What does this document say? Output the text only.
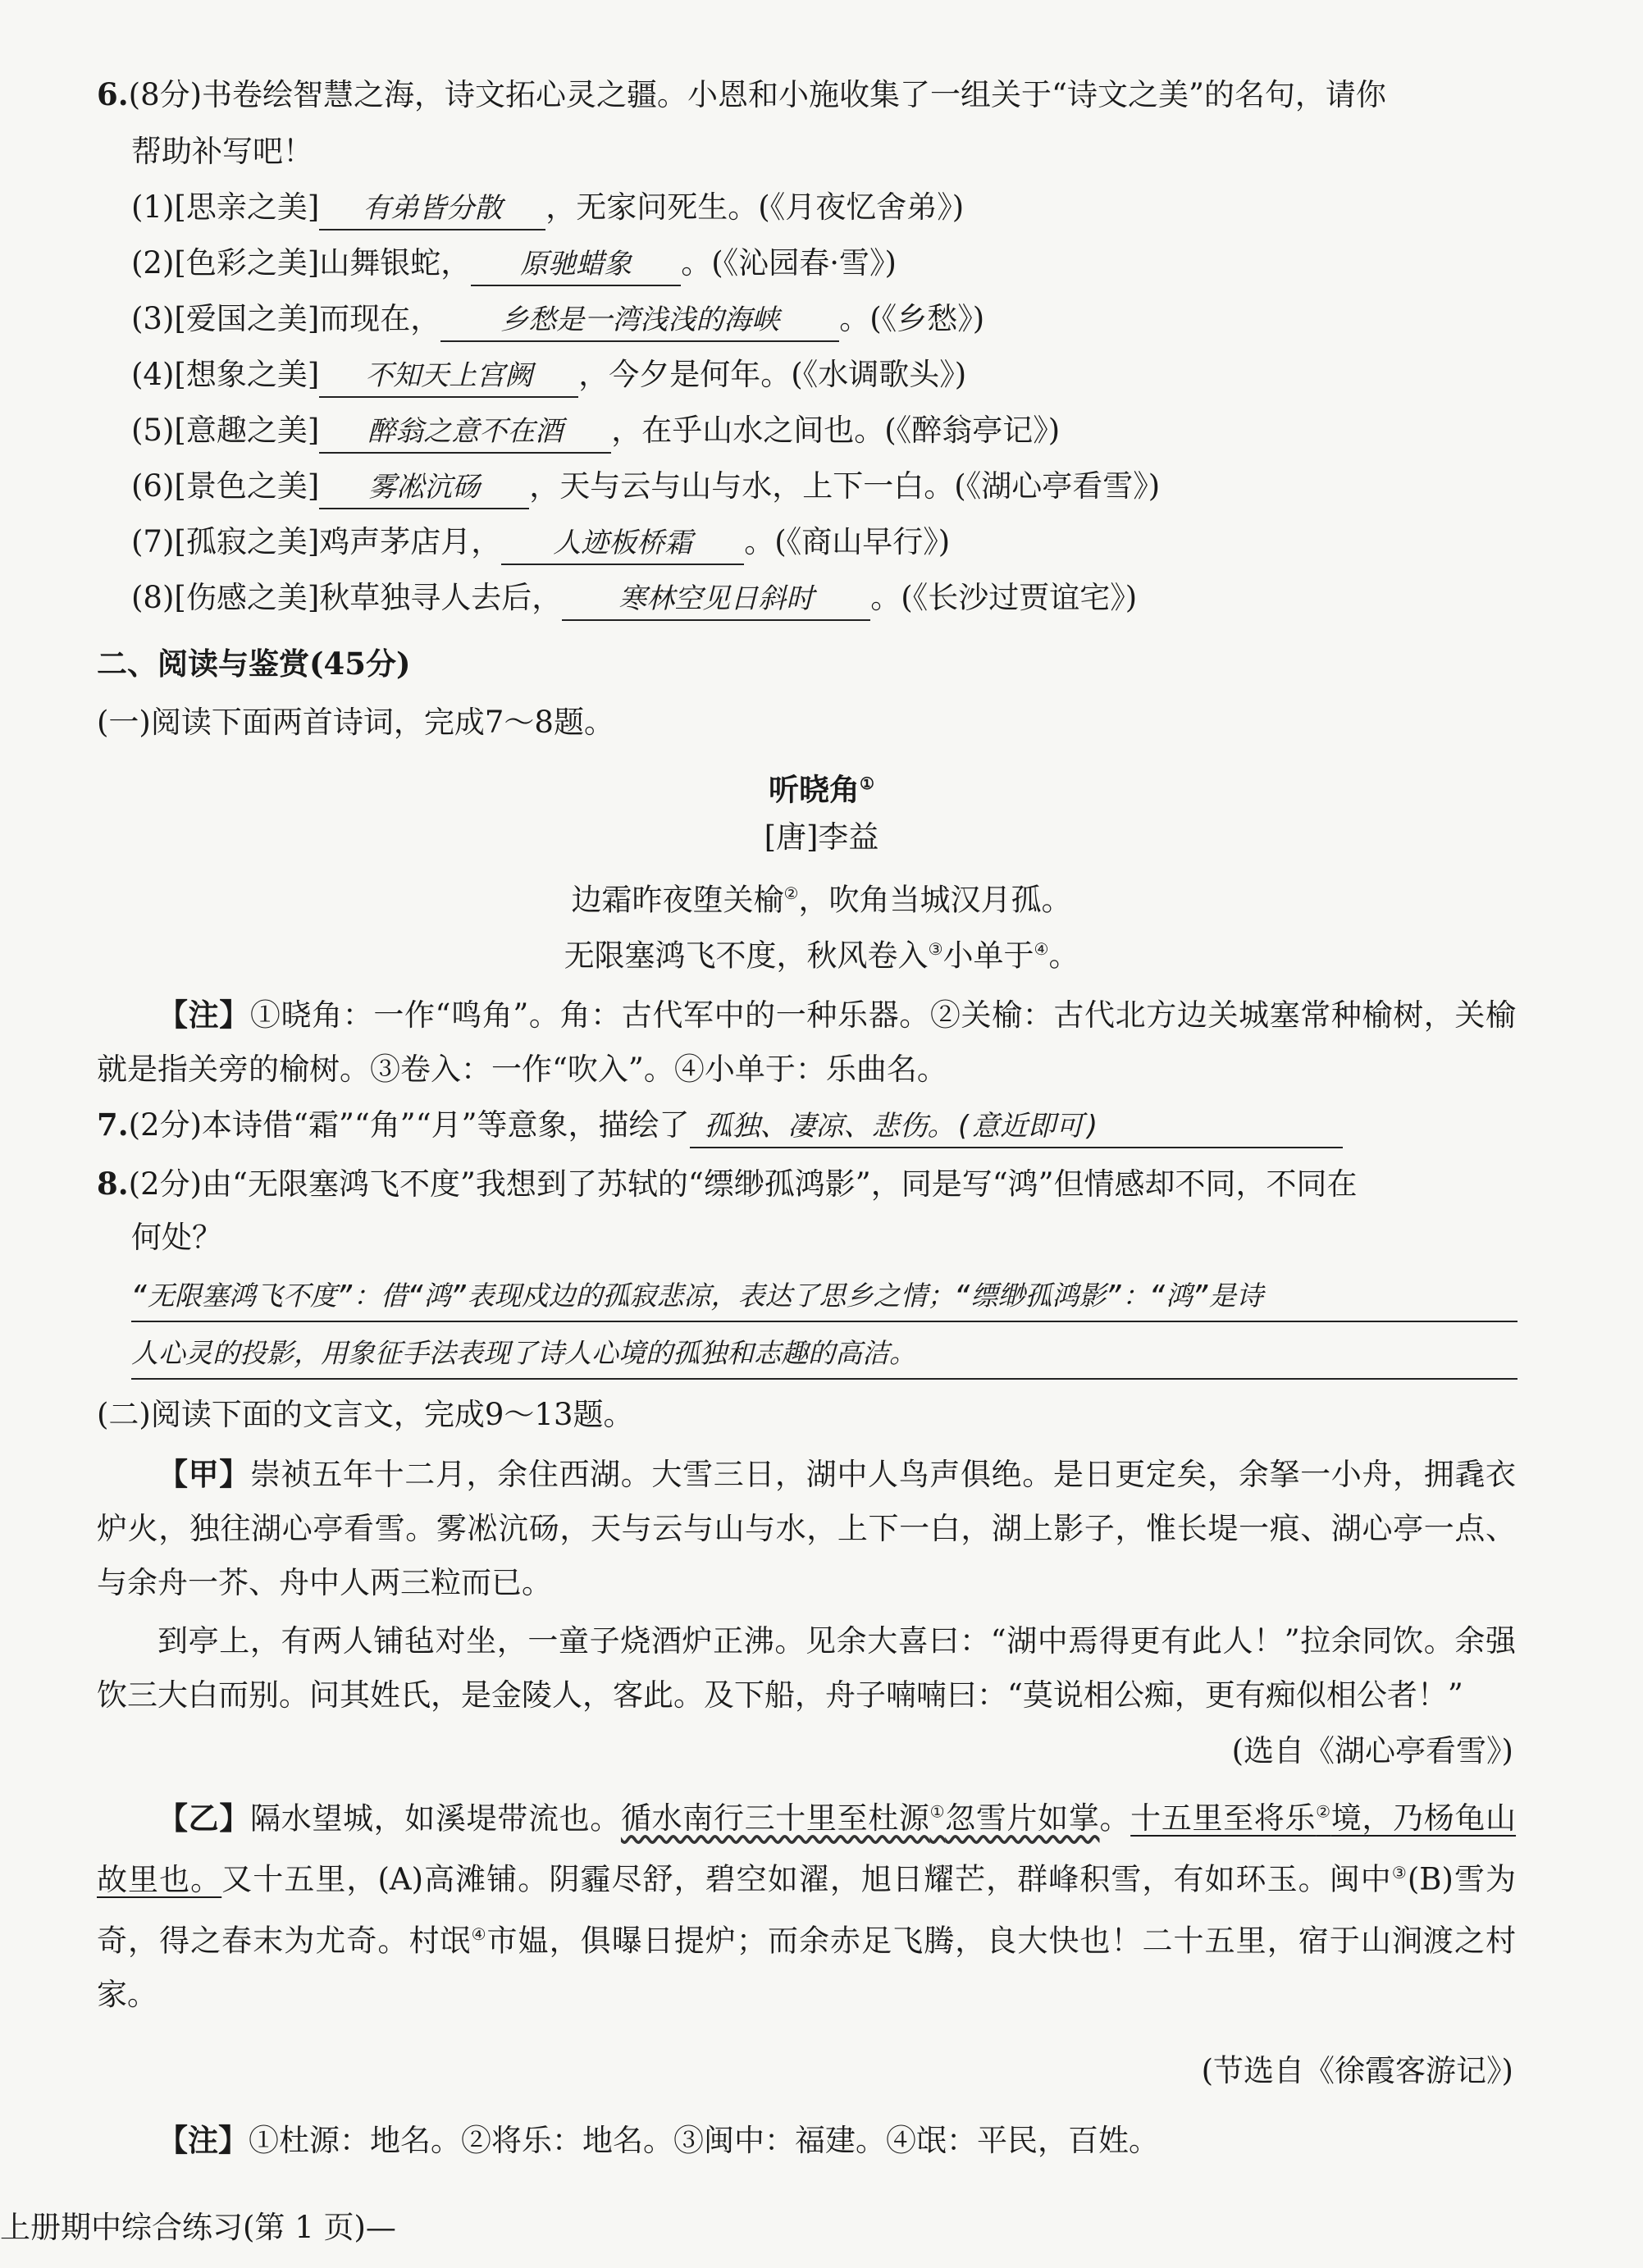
6.(8分)书卷绘智慧之海，诗文拓心灵之疆。小恩和小施收集了一组关于“诗文之美”的名句，请你
帮助补写吧！
(1)[思亲之美] 有弟皆分散 ，无家问死生。(《月夜忆舍弟》)
(2)[色彩之美]山舞银蛇， 原驰蜡象 。(《沁园春·雪》)
(3)[爱国之美]而现在， 乡愁是一湾浅浅的海峡 。(《乡愁》)
(4)[想象之美] 不知天上宫阙 ，今夕是何年。(《水调歌头》)
(5)[意趣之美] 醉翁之意不在酒 ，在乎山水之间也。(《醉翁亭记》)
(6)[景色之美] 雾凇沆砀 ，天与云与山与水，上下一白。(《湖心亭看雪》)
(7)[孤寂之美]鸡声茅店月， 人迹板桥霜 。(《商山早行》)
(8)[伤感之美]秋草独寻人去后， 寒林空见日斜时 。(《长沙过贾谊宅》)
二、阅读与鉴赏(45分)
(一)阅读下面两首诗词，完成7～8题。
听晓角①
[唐]李益
边霜昨夜堕关榆②，吹角当城汉月孤。
无限塞鸿飞不度，秋风卷入③小单于④。
【注】①晓角：一作“鸣角”。角：古代军中的一种乐器。②关榆：古代北方边关城塞常种榆树，关榆就是指关旁的榆树。③卷入：一作“吹入”。④小单于：乐曲名。
7.(2分)本诗借“霜”“角”“月”等意象，描绘了 孤独、凄凉、悲伤。(意近即可)
8.(2分)由“无限塞鸿飞不度”我想到了苏轼的“缥缈孤鸿影”，同是写“鸿”但情感却不同，不同在
何处？
“无限塞鸿飞不度”：借“鸿”表现戍边的孤寂悲凉，表达了思乡之情；“缥缈孤鸿影”：“鸿”是诗
人心灵的投影，用象征手法表现了诗人心境的孤独和志趣的高洁。
(二)阅读下面的文言文，完成9～13题。
【甲】崇祯五年十二月，余住西湖。大雪三日，湖中人鸟声俱绝。是日更定矣，余拏一小舟，拥毳衣炉火，独往湖心亭看雪。雾凇沆砀，天与云与山与水，上下一白，湖上影子，惟长堤一痕、湖心亭一点、与余舟一芥、舟中人两三粒而已。
到亭上，有两人铺毡对坐，一童子烧酒炉正沸。见余大喜曰：“湖中焉得更有此人！”拉余同饮。余强饮三大白而别。问其姓氏，是金陵人，客此。及下船，舟子喃喃曰：“莫说相公痴，更有痴似相公者！”
(选自《湖心亭看雪》)
【乙】隔水望城，如溪堤带流也。循水南行三十里至杜源①忽雪片如掌。十五里至将乐②境，乃杨龟山故里也。又十五里，(A)高滩铺。阴霾尽舒，碧空如濯，旭日耀芒，群峰积雪，有如环玉。闽中③(B)雪为奇，得之春末为尤奇。村氓④市媪，俱曝日提炉；而余赤足飞腾，良大快也！二十五里，宿于山涧渡之村家。
(节选自《徐霞客游记》)
【注】①杜源：地名。②将乐：地名。③闽中：福建。④氓：平民，百姓。
上册期中综合练习(第 1 页)—
